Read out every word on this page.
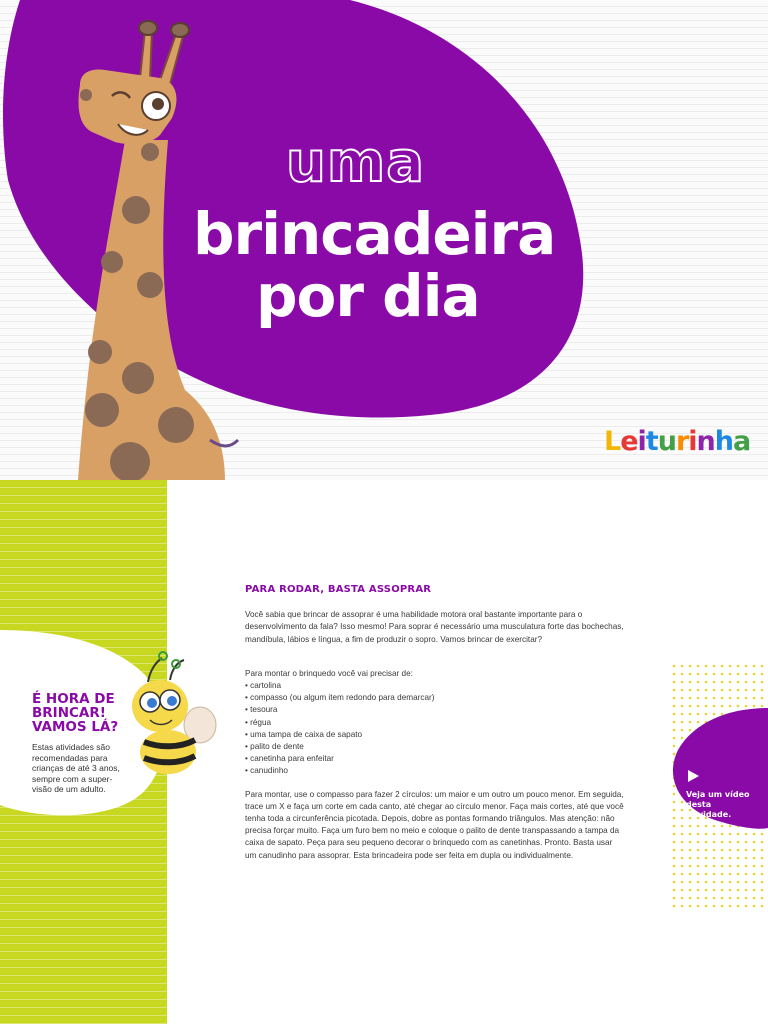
uma
brincadeira
por dia
Leiturinha
É HORA DE BRINCAR! VAMOS LÁ?
Estas atividades são recomendadas para crianças de até 3 anos, sempre com a super-visão de um adulto.
PARA RODAR, BASTA ASSOPRAR

Você sabia que brincar de assoprar é uma habilidade motora oral bastante importante para o desenvolvimento da fala? Isso mesmo! Para soprar é necessário uma musculatura forte das bochechas, mandíbula, lábios e língua, a fim de produzir o sopro. Vamos brincar de exercitar?

Para montar o brinquedo você vai precisar de:

• cartolina
• compasso (ou algum item redondo para demarcar)
• tesoura
• régua
• uma tampa de caixa de sapato
• palito de dente
• canetinha para enfeitar
• canudinho

Para montar, use o compasso para fazer 2 círculos: um maior e um outro um pouco menor. Em seguida, trace um X e faça um corte em cada canto, até chegar ao círculo menor. Faça mais cortes, até que você tenha toda a circunferência picotada. Depois, dobre as pontas formando triângulos. Mas atenção: não precisa forçar muito. Faça um furo bem no meio e coloque o palito de dente transpassando a tampa da caixa de sapato. Peça para seu pequeno decorar o brinquedo com as canetinhas. Pronto. Basta usar um canudinho para assoprar. Esta brincadeira pode ser feita em dupla ou individualmente.

Veja um vídeo desta atividade.
